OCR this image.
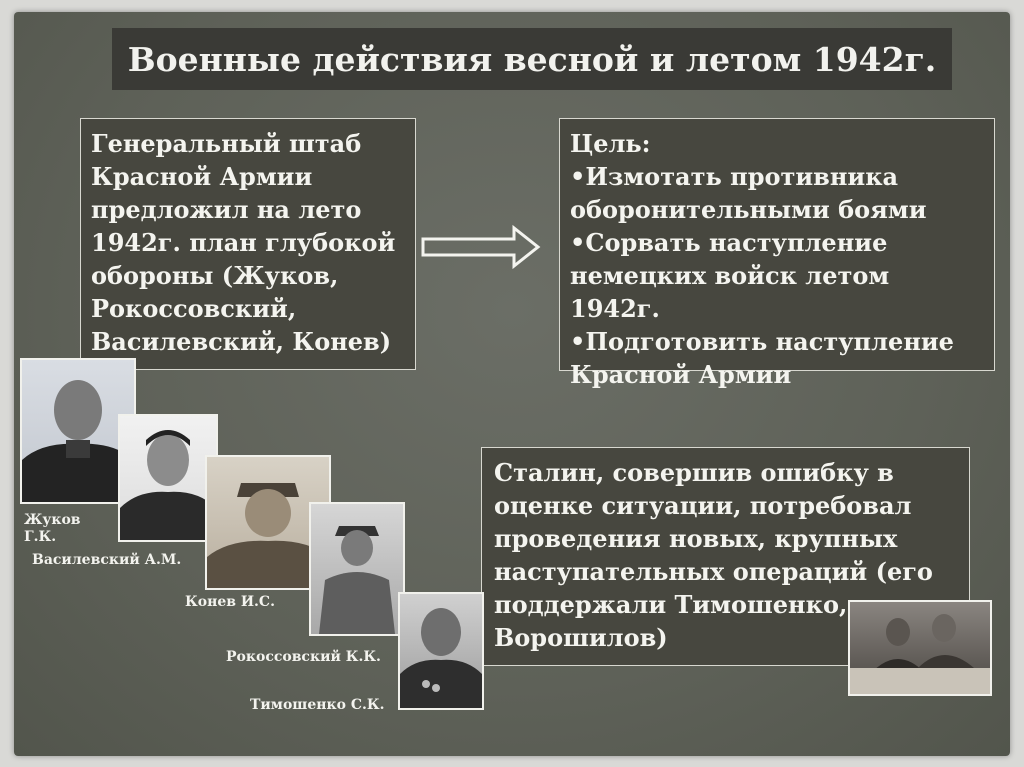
Военные действия весной и летом 1942г.
Генеральный штаб
Красной Армии
предложил на лето
1942г. план глубокой
обороны (Жуков,
Рокоссовский,
Василевский, Конев)
Цель:
•Измотать противника
оборонительными боями
•Сорвать наступление
немецких войск летом 1942г.
•Подготовить наступление
Красной Армии
Сталин, совершив ошибку в
оценке ситуации, потребовал
проведения новых, крупных
наступательных операций (его
поддержали Тимошенко,
Ворошилов)
Жуков
Г.К.
Василевский А.М.
Конев И.С.
Рокоссовский К.К.
Тимошенко С.К.
